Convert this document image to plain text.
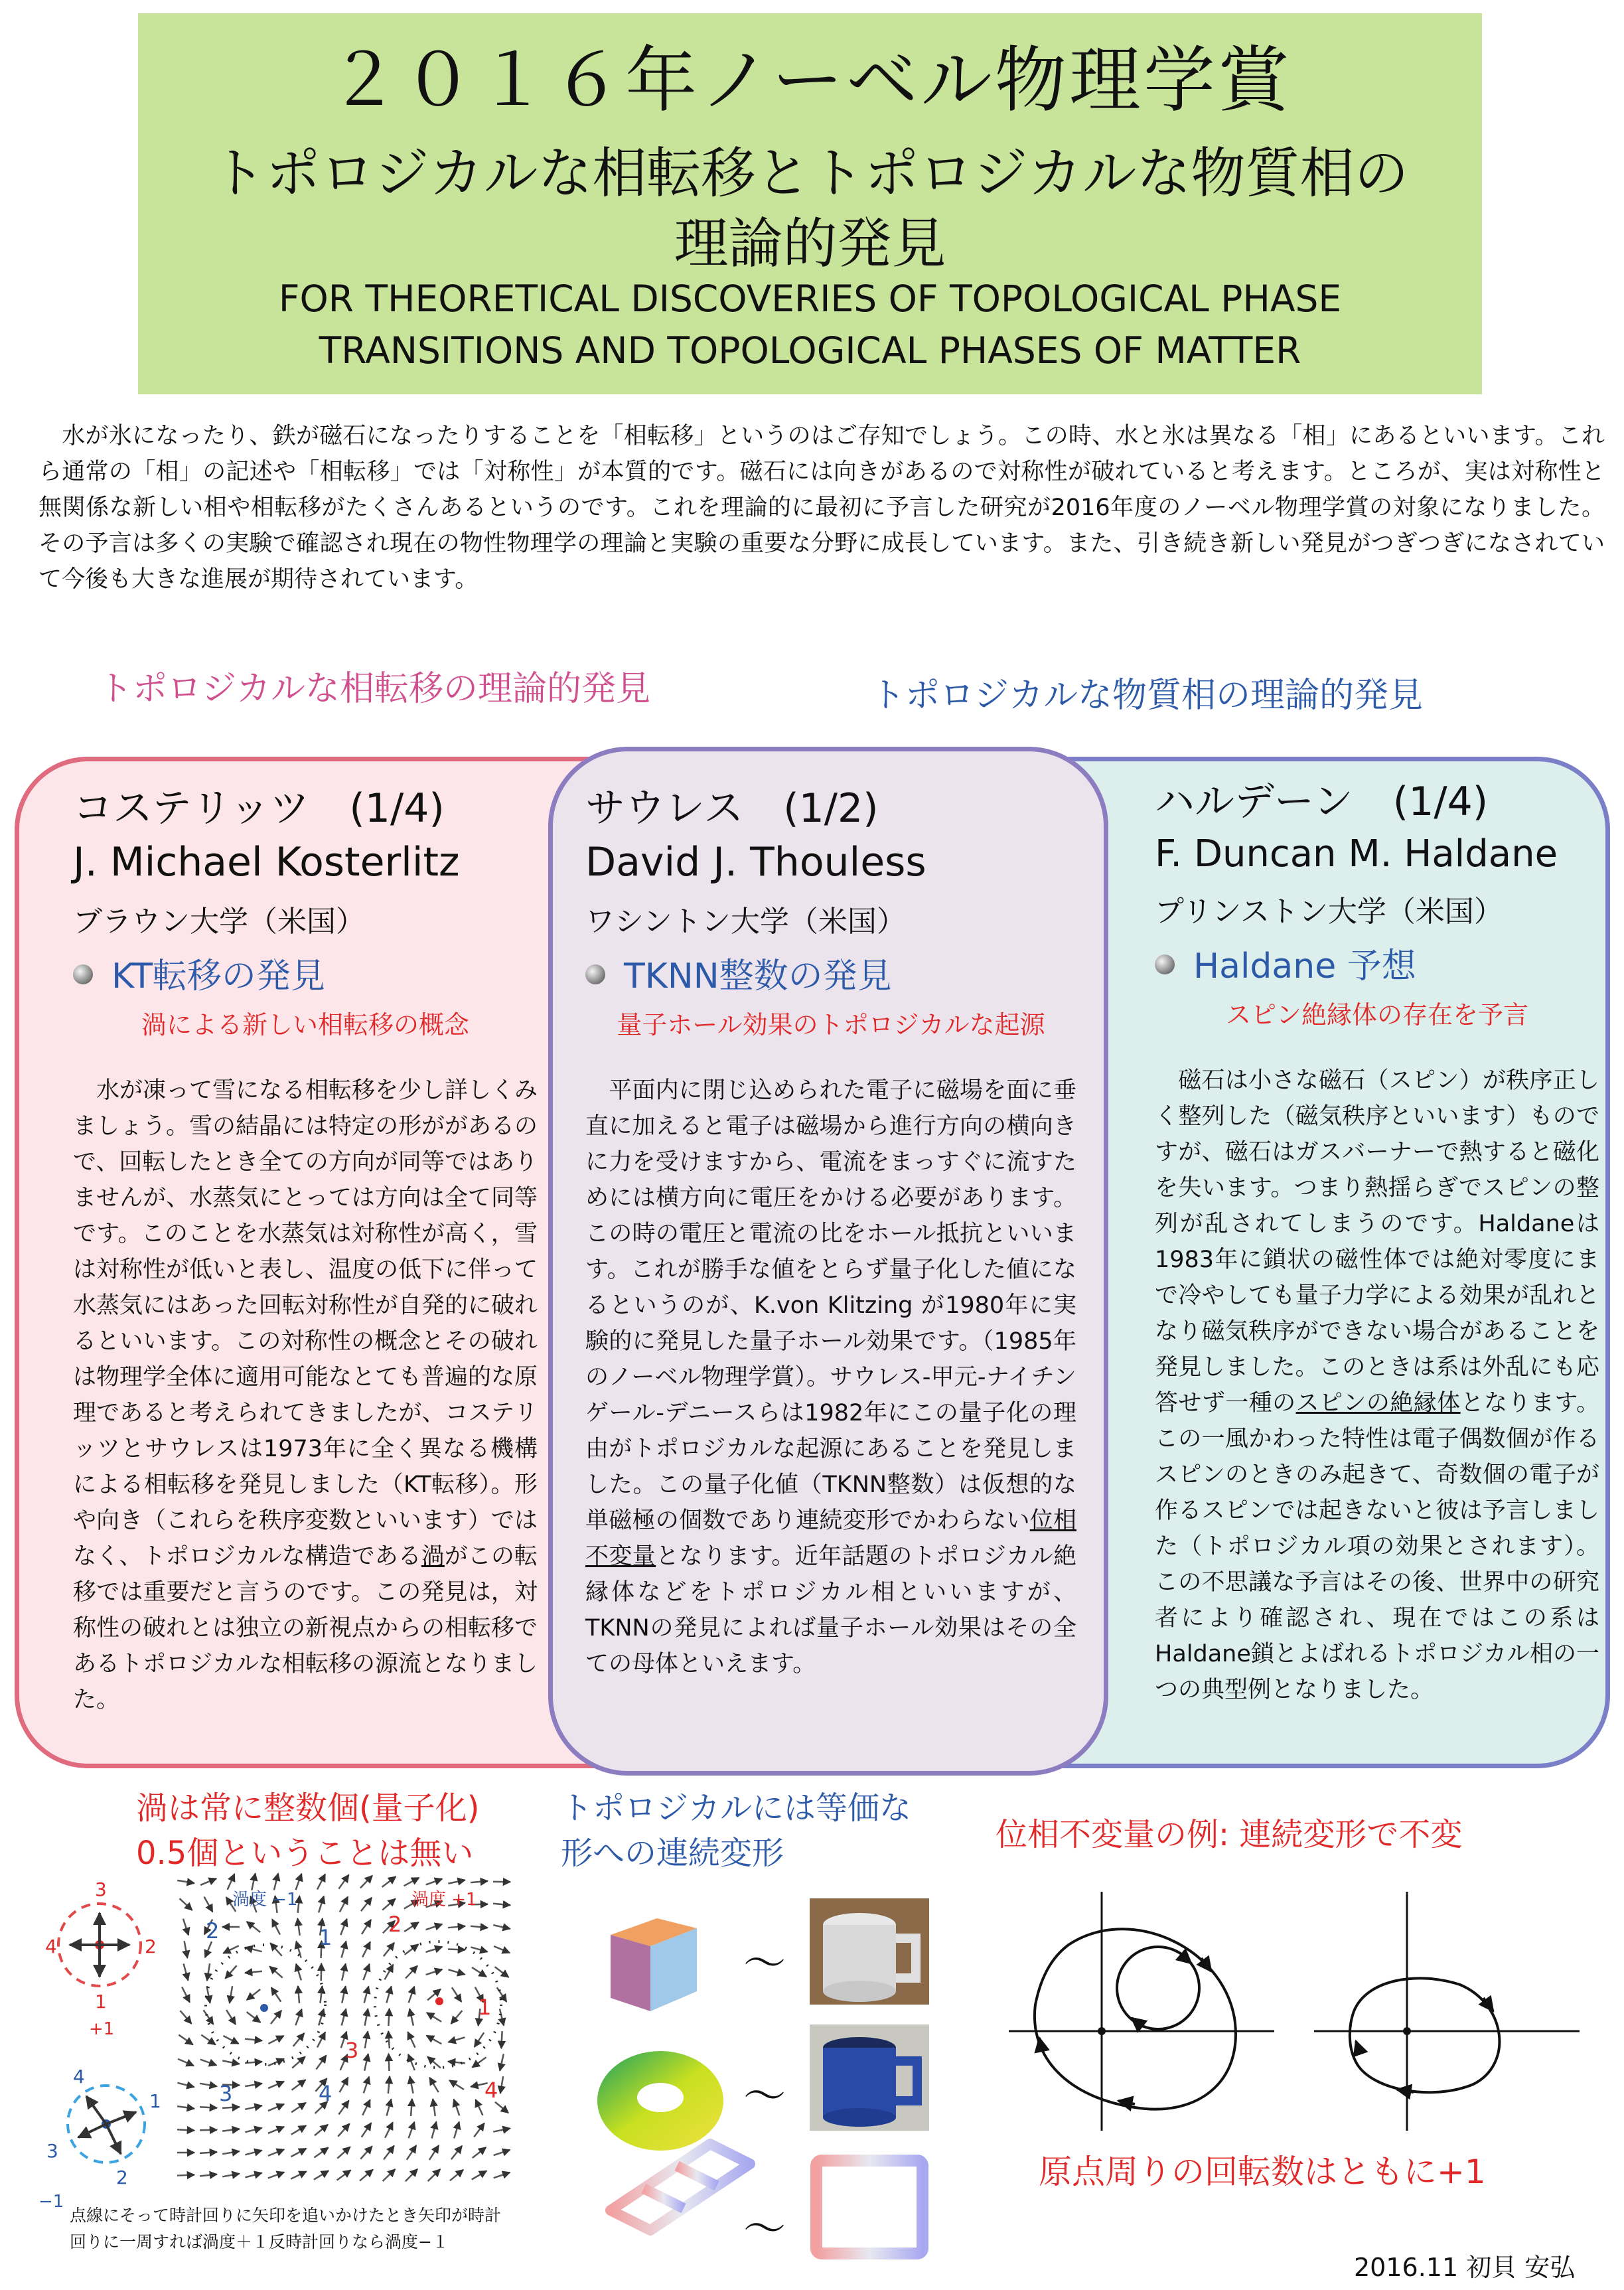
２０１６年ノーベル物理学賞
トポロジカルな相転移とトポロジカルな物質相の
理論的発見
FOR THEORETICAL DISCOVERIES OF TOPOLOGICAL PHASE
TRANSITIONS AND TOPOLOGICAL PHASES OF MATTER
　水が氷になったり、鉄が磁石になったりすることを「相転移」というのはご存知でしょう。この時、水と氷は異なる「相」にあるといいます。これら通常の「相」の記述や「相転移」では「対称性」が本質的です。磁石には向きがあるので対称性が破れていると考えます。ところが、実は対称性と無関係な新しい相や相転移がたくさんあるというのです。これを理論的に最初に予言した研究が2016年度のノーベル物理学賞の対象になりました。その予言は多くの実験で確認され現在の物性物理学の理論と実験の重要な分野に成長しています。また、引き続き新しい発見がつぎつぎになされていて今後も大きな進展が期待されています。
トポロジカルな相転移の理論的発見	トポロジカルな物質相の理論的発見
コステリッツ　(1/4)
J. Michael Kosterlitz
ブラウン大学（米国）
KT転移の発見
渦による新しい相転移の概念
　水が凍って雪になる相転移を少し詳しくみましょう。雪の結晶には特定の形ががあるので、回転したとき全ての方向が同等ではありませんが、水蒸気にとっては方向は全て同等です。このことを水蒸気は対称性が高く，雪は対称性が低いと表し、温度の低下に伴って水蒸気にはあった回転対称性が自発的に破れるといいます。この対称性の概念とその破れは物理学全体に適用可能なとても普遍的な原理であると考えられてきましたが、コステリッツとサウレスは1973年に全く異なる機構による相転移を発見しました（KT転移）。形や向き（これらを秩序変数といいます）ではなく、トポロジカルな構造である渦がこの転移では重要だと言うのです。この発見は，対称性の破れとは独立の新視点からの相転移であるトポロジカルな相転移の源流となりました。
サウレス　(1/2)
David J. Thouless
ワシントン大学（米国）
TKNN整数の発見
量子ホール効果のトポロジカルな起源
　平面内に閉じ込められた電子に磁場を面に垂直に加えると電子は磁場から進行方向の横向きに力を受けますから、電流をまっすぐに流すためには横方向に電圧をかける必要があります。この時の電圧と電流の比をホール抵抗といいます。これが勝手な値をとらず量子化した値になるというのが、K.von Klitzing が1980年に実験的に発見した量子ホール効果です。（1985年のノーベル物理学賞）。サウレス-甲元-ナイチンゲール-デニースらは1982年にこの量子化の理由がトポロジカルな起源にあることを発見しました。この量子化値（TKNN整数）は仮想的な単磁極の個数であり連続変形でかわらない位相不変量となります。近年話題のトポロジカル絶縁体などをトポロジカル相といいますが、TKNNの発見によれば量子ホール効果はその全ての母体といえます。
ハルデーン　(1/4)
F. Duncan M. Haldane
プリンストン大学（米国）
Haldane 予想
スピン絶縁体の存在を予言
　磁石は小さな磁石（スピン）が秩序正しく整列した（磁気秩序といいます）ものですが、磁石はガスバーナーで熱すると磁化を失います。つまり熱揺らぎでスピンの整列が乱されてしまうのです。Haldaneは1983年に鎖状の磁性体では絶対零度にまで冷やしても量子力学による効果が乱れとなり磁気秩序ができない場合があることを発見しました。このときは系は外乱にも応答せず一種のスピンの絶縁体となります。この一風かわった特性は電子偶数個が作るスピンのときのみ起きて、奇数個の電子が作るスピンでは起きないと彼は予言しました（トポロジカル項の効果とされます）。この不思議な予言はその後、世界中の研究者により確認され、現在ではこの系はHaldane鎖とよばれるトポロジカル相の一つの典型例となりました。
渦は常に整数個(量子化)
0.5個ということは無い
トポロジカルには等価な
形への連続変形	位相不変量の例: 連続変形で不変
原点周りの回転数はともに+1
渦度 −1	渦度 +1
2	1
3	4
2
1
3
4
3
2
1
4
+1
1
2
3
4
−1
点線にそって時計回りに矢印を追いかけたとき矢印が時計
回りに一周すれば渦度＋１反時計回りなら渦度−１
〜
〜
〜
2016.11 初貝 安弘
